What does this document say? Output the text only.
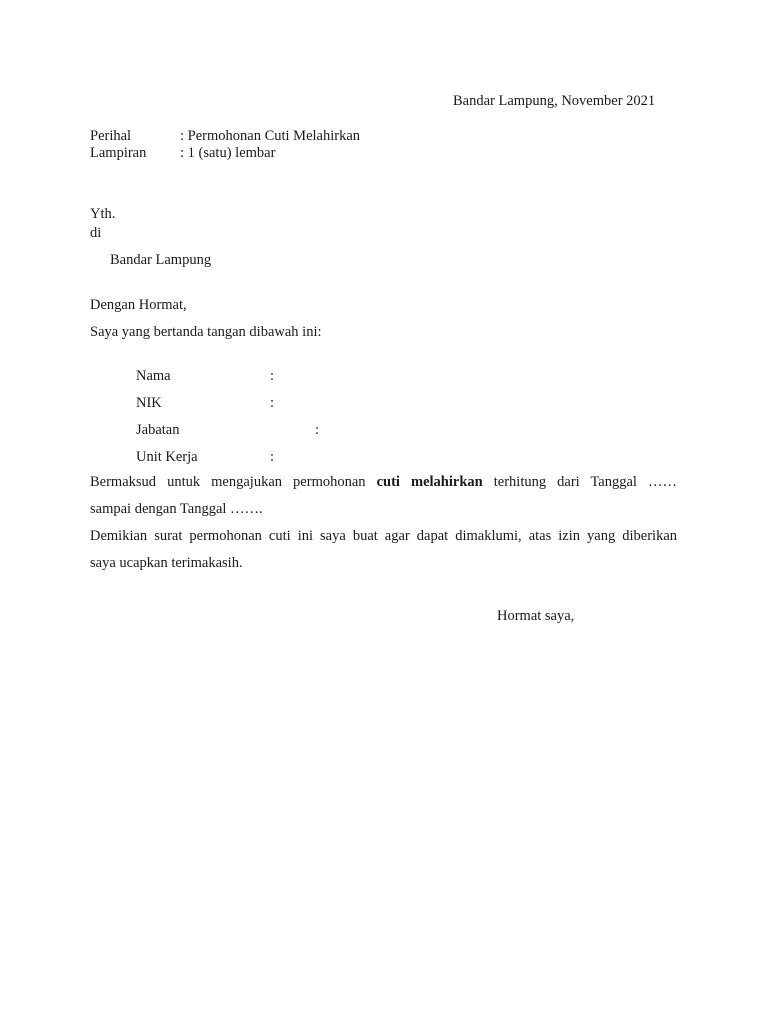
Bandar Lampung, November 2021
Perihal	: Permohonan Cuti Melahirkan
Lampiran : 1 (satu) lembar
Yth.
di
Bandar Lampung
Dengan Hormat,
Saya yang bertanda tangan dibawah ini:
Nama	:
NIK	:
Jabatan	:
Unit Kerja	:
Bermaksud untuk mengajukan permohonan cuti melahirkan terhitung dari Tanggal ……
sampai dengan Tanggal …….
Demikian surat permohonan cuti ini saya buat agar dapat dimaklumi, atas izin yang diberikan
saya ucapkan terimakasih.
Hormat saya,
